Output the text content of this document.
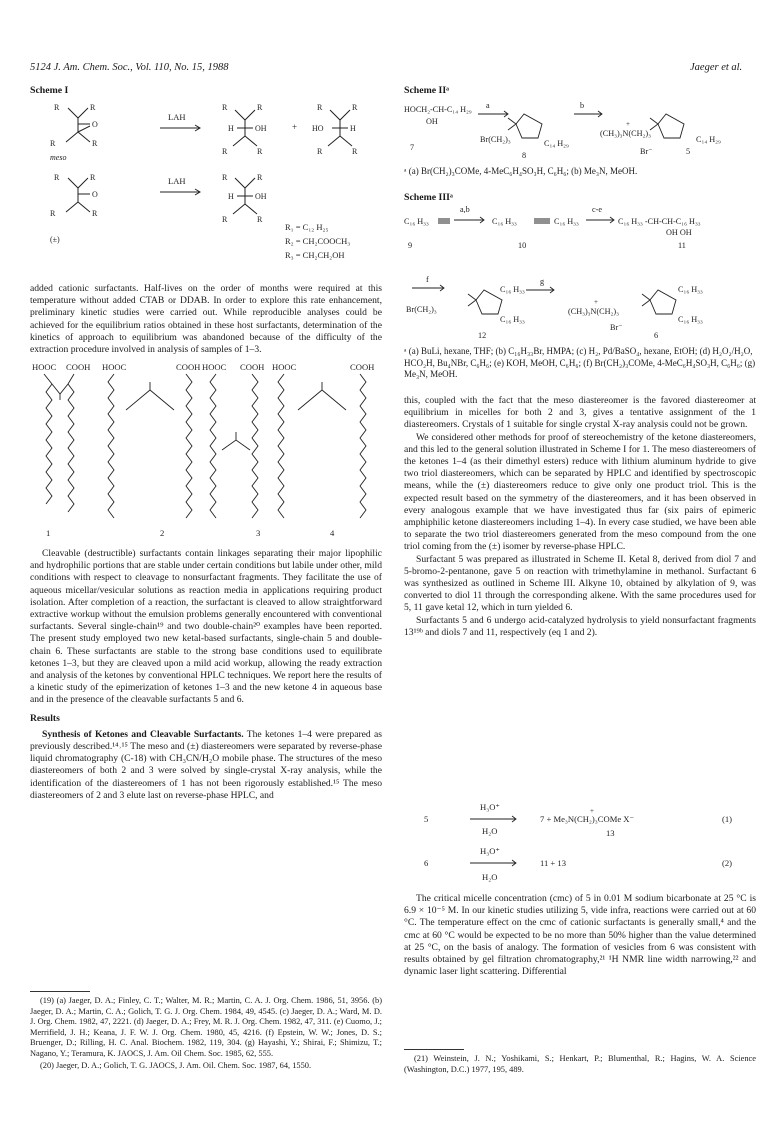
5124 J. Am. Chem. Soc., Vol. 110, No. 15, 1988	Jaeger et al.
Scheme I
R	R
O
R	R
meso
LAH
R	R
H	OH
R	R
+
R	R
HO	H
R	R
R	R
O
R	R
LAH	R	R
H	OH
R	R
(±)
R₁ = C₁₂ H₂₅
R₂ = CH₂COOCH₃
R₃ = CH₂CH₂OH

added cationic surfactants. Half-lives on the order of months were required at this temperature without added CTAB or DDAB. In order to explore this rate enhancement, preliminary kinetic studies were carried out. While reproducible analyses could be achieved for the equilibrium ratios obtained in these host surfactants, determination of the kinetics of approach to equilibrium was abandoned because of the difficulty of the extraction procedure involved in analysis of samples of 1–3.

HOOC COOH HOOC	COOH HOOC COOH HOOC	COOH
1	2	3	4

Cleavable (destructible) surfactants contain linkages separating their major lipophilic and hydrophilic portions that are stable under certain conditions but labile under other, mild conditions with respect to cleavage to nonsurfactant fragments. They facilitate the use of aqueous micellar/vesicular solutions as reaction media in applications requiring product isolation. After completion of a reaction, the surfactant is cleaved to allow straightforward extractive workup without the emulsion problems generally encountered with conventional surfactants. Several single-chain¹⁹ and two double-chain²⁰ examples have been reported. The present study employed two new ketal-based surfactants, single-chain 5 and double-chain 6. These surfactants are stable to the strong base conditions used to equilibrate ketones 1–3, but they are cleaved upon a mild acid workup, allowing the ready extraction and analysis of the ketones by conventional HPLC techniques. We report here the results of a kinetic study of the epimerization of ketones 1–3 and the new ketone 4 in aqueous base and in the presence of the cleavable surfactants 5 and 6.

Results

Synthesis of Ketones and Cleavable Surfactants. The ketones 1–4 were prepared as previously described.¹⁴˒¹⁵ The meso and (±) diastereomers were separated by reverse-phase liquid chromatography (C-18) with CH₃CN/H₂O mobile phase. The structures of the meso diastereomers of both 2 and 3 were solved by single-crystal X-ray analysis, while the identification of the diastereomers of 1 has not been rigorously established.¹⁵ The meso diastereomers of 2 and 3 elute last on reverse-phase HPLC, and

(19) (a) Jaeger, D. A.; Finley, C. T.; Walter, M. R.; Martin, C. A. J. Org. Chem. 1986, 51, 3956. (b) Jaeger, D. A.; Martin, C. A.; Golich, T. G. J. Org. Chem. 1984, 49, 4545. (c) Jaeger, D. A.; Ward, M. D. J. Org. Chem. 1982, 47, 2221. (d) Jaeger, D. A.; Frey, M. R. J. Org. Chem. 1982, 47, 311. (e) Cuomo, J.; Merrifield, J. H.; Keana, J. F. W. J. Org. Chem. 1980, 45, 4216. (f) Epstein, W. W.; Jones, D. S.; Bruenger, D.; Rilling, H. C. Anal. Biochem. 1982, 119, 304. (g) Hayashi, Y.; Shirai, F.; Shimizu, T.; Nagano, Y.; Teramura, K. JAOCS, J. Am. Oil Chem. Soc. 1985, 62, 555.

(20) Jaeger, D. A.; Golich, T. G. JAOCS, J. Am. Oil. Chem. Soc. 1987, 64, 1550.

Scheme IIᵃ
HOCH₂-CH-C₁₄ H₂₉
OH
a
7
Br(CH₂)₃	C₁₄ H₂₉
8
b
(CH₃)₃N(CH₂)₃
+
C₁₄ H₂₉
Br⁻	5
ᵃ (a) Br(CH₂)₃COMe, 4-MeC₆H₄SO₃H, C₆H₆; (b) Me₃N, MeOH.
Scheme IIIᵃ
C₁₆ H₃₃
a,b
C₁₆ H₃₃	C₁₆ H₃₃
c-e
C₁₆ H₃₃ -CH-CH-C₁₆ H₃₃
OH OH
9	10	11
f
Br(CH₂)₃
C₁₆ H₃₃
C₁₆ H₃₃
12
g
(CH₃)₃N(CH₂)₃
+
C₁₆ H₃₃
C₁₆ H₃₃
Br⁻
6
ᵃ (a) BuLi, hexane, THF; (b) C₁₆H₃₃Br, HMPA; (c) H₂, Pd/BaSO₄, hexane, EtOH; (d) H₂O₂/H₂O, HCO₂H, Bu₄NBr, C₆H₆; (e) KOH, MeOH, C₆H₆; (f) Br(CH₂)₃COMe, 4-MeC₆H₄SO₃H, C₆H₆; (g) Me₃N, MeOH.

this, coupled with the fact that the meso diastereomer is the favored diastereomer at equilibrium in micelles for both 2 and 3, gives a tentative assignment of the 1 diastereomers. Crystals of 1 suitable for single crystal X-ray analysis could not be grown.

We considered other methods for proof of stereochemistry of the ketone diastereomers, and this led to the general solution illustrated in Scheme I for 1. The meso diastereomers of the ketones 1–4 (as their dimethyl esters) reduce with lithium aluminum hydride to give two triol diastereomers, which can be separated by HPLC and identified by spectroscopic means, while the (±) diastereomers reduce to give only one product triol. This is the expected result based on the symmetry of the diastereomers, and it has been observed in every analogous example that we have investigated thus far (six pairs of epimeric amphiphilic ketone diastereomers including 1–4). In every case studied, we have been able to separate the two triol diastereomers generated from the meso compound from the one triol coming from the (±) isomer by reverse-phase HPLC.

Surfactant 5 was prepared as illustrated in Scheme II. Ketal 8, derived from diol 7 and 5-bromo-2-pentanone, gave 5 on reaction with trimethylamine in methanol. Surfactant 6 was synthesized as outlined in Scheme III. Alkyne 10, obtained by alkylation of 9, was converted to diol 11 through the corresponding alkene. With the same procedures used for 5, 11 gave ketal 12, which in turn yielded 6.

Surfactants 5 and 6 undergo acid-catalyzed hydrolysis to yield nonsurfactant fragments 13¹⁹ᵇ and diols 7 and 11, respectively (eq 1 and 2).

5
H₃O⁺
H₂O
7 + Me₃N(CH₂)₃COMe X⁻
+
13
(1)
6
H₃O⁺
H₂O
11 + 13	(2)

The critical micelle concentration (cmc) of 5 in 0.01 M sodium bicarbonate at 25 °C is 6.9 × 10⁻⁵ M. In our kinetic studies utilizing 5, vide infra, reactions were carried out at 60 °C. The temperature effect on the cmc of cationic surfactants is generally small,⁴ and the cmc at 60 °C would be expected to be no more than 50% higher than the value determined at 25 °C, on the basis of analogy. The formation of vesicles from 6 was consistent with results obtained by gel filtration chromatography,²¹ ¹H NMR line width narrowing,²² and dynamic laser light scattering. Differential

(21) Weinstein, J. N.; Yoshikami, S.; Henkart, P.; Blumenthal, R.; Hagins, W. A. Science (Washington, D.C.) 1977, 195, 489.
